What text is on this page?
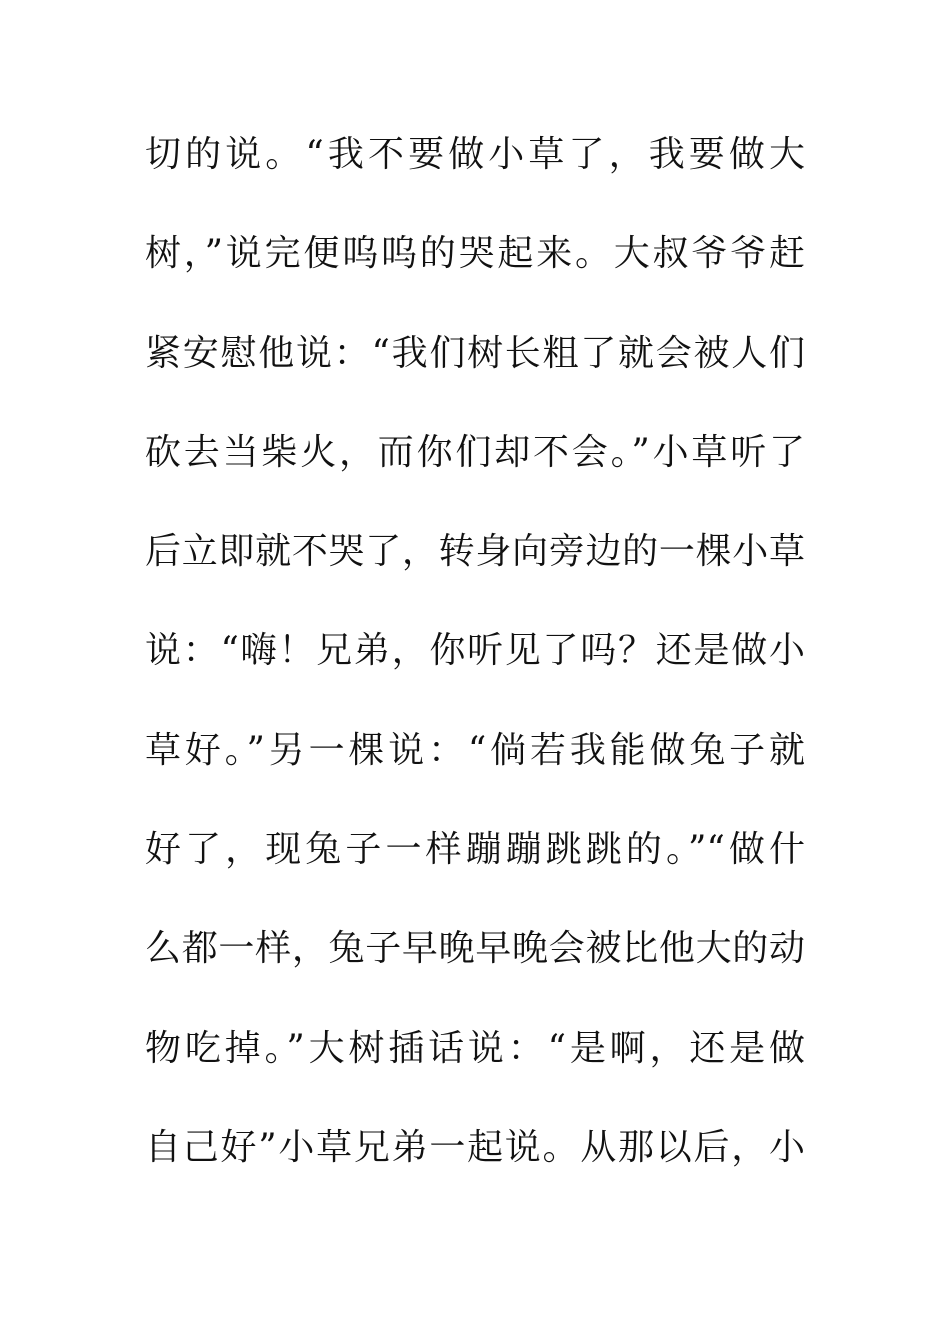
切的说。“我不要做小草了，我要做大
树，”说完便呜呜的哭起来。大叔爷爷赶
紧安慰他说：“我们树长粗了就会被人们
砍去当柴火，而你们却不会。”小草听了
后立即就不哭了，转身向旁边的一棵小草
说：“嗨！兄弟，你听见了吗？还是做小
草好。”另一棵说：“倘若我能做兔子就
好了，现兔子一样蹦蹦跳跳的。”“做什
么都一样，兔子早晚早晚会被比他大的动
物吃掉。”大树插话说：“是啊，还是做
自己好”小草兄弟一起说。从那以后，小
